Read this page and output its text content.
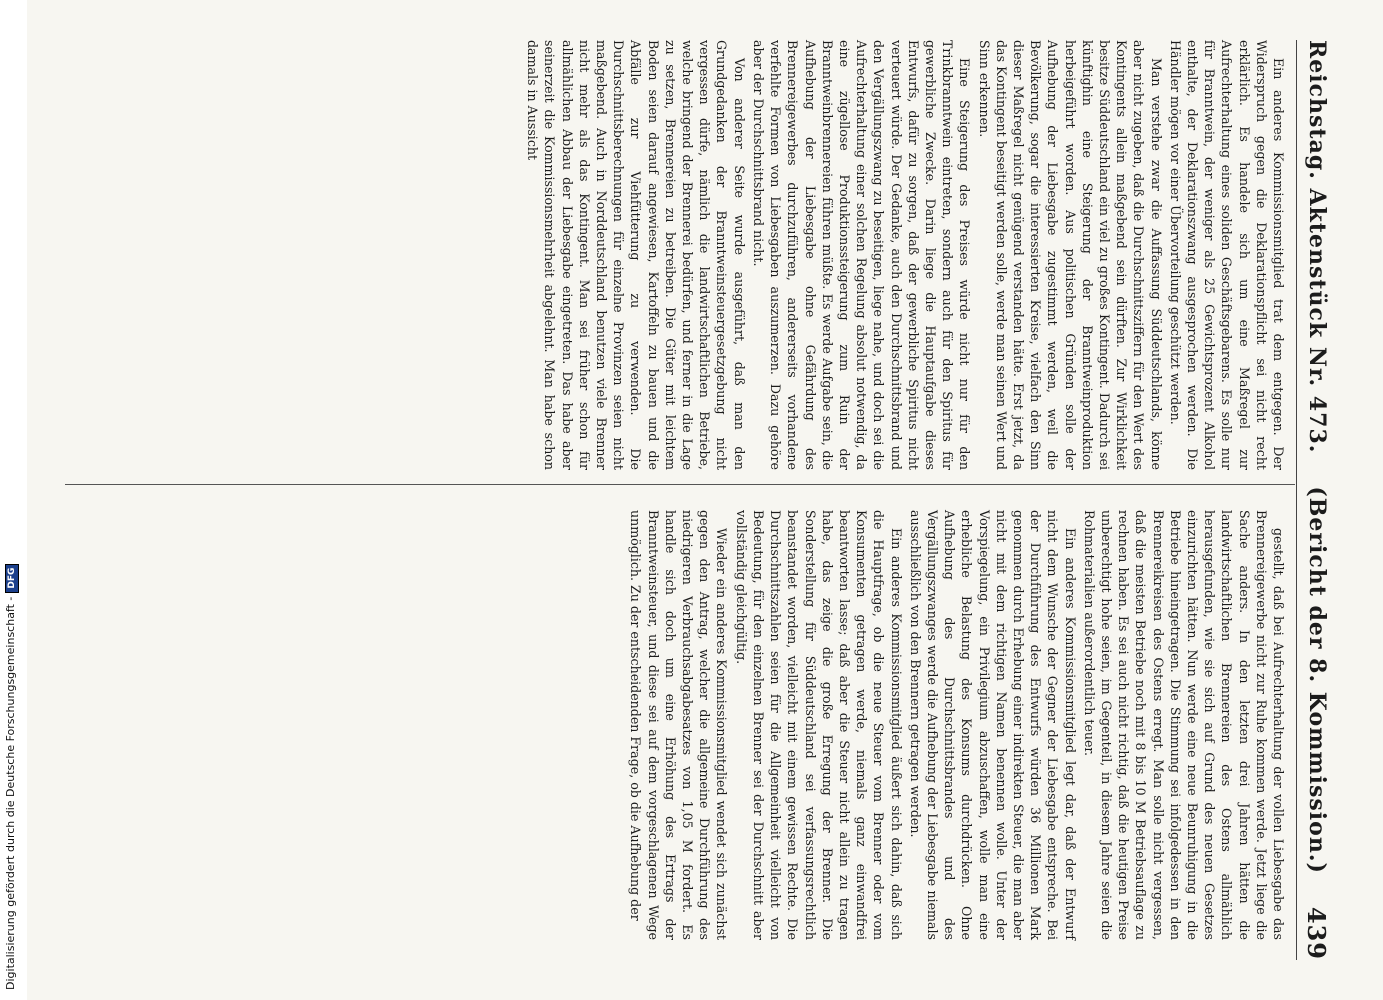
Digitalisierung gefördert durch die Deutsche Forschungsgemeinschaft -DFG
Reichstag. Aktenstück Nr. 473.
(Bericht der 8. Kommission.)
439

Ein anderes Kommissionsmitglied trat dem entgegen. Der Widerspruch gegen die Deklarationspflicht sei nicht recht erklärlich. Es handele sich um eine Maßregel zur Aufrechterhaltung eines soliden Geschäftsgebarens. Es solle nur für Branntwein, der weniger als 25 Gewichtsprozent Alkohol enthalte, der Deklarationszwang ausgesprochen werden. Die Händler mögen vor einer Übervorteilung geschützt werden.

Man verstehe zwar die Auffassung Süddeutschlands, könne aber nicht zugeben, daß die Durchschnittsziffern für den Wert des Kontingents allein maßgebend sein dürften. Zur Wirklichkeit besitze Süddeutschland ein viel zu großes Kontingent. Dadurch sei künftighin eine Steigerung der Branntweinproduktion herbeigeführt worden. Aus politischen Gründen solle der Aufhebung der Liebesgabe zugestimmt werden, weil die Bevölkerung, sogar die interessierten Kreise, vielfach den Sinn dieser Maßregel nicht genügend verstanden hätte. Erst jetzt, da das Kontingent beseitigt werden solle, werde man seinen Wert und Sinn erkennen.

Eine Steigerung des Preises würde nicht nur für den Trinkbranntwein eintreten, sondern auch für den Spiritus für gewerbliche Zwecke. Darin liege die Hauptaufgabe dieses Entwurfs, dafür zu sorgen, daß der gewerbliche Spiritus nicht verteuert würde. Der Gedanke, auch den Durchschnittsbrand und den Vergällungszwang zu beseitigen, liege nahe, und doch sei die Aufrechterhaltung einer solchen Regelung absolut notwendig, da eine zügellose Produktionssteigerung zum Ruin der Branntweinbrennereien führen müßte. Es werde Aufgabe sein, die Aufhebung der Liebesgabe ohne Gefährdung des Brennereigewerbes durchzuführen, andererseits vorhandene verfehlte Formen von Liebesgaben auszumerzen. Dazu gehöre aber der Durchschnittsbrand nicht.

Von anderer Seite wurde ausgeführt, daß man den Grundgedanken der Branntweinsteuergesetzgebung nicht vergessen dürfe, nämlich die landwirtschaftlichen Betriebe, welche bringend der Brennerei bedürfen, und ferner in die Lage zu setzen, Brennereien zu betreiben. Die Güter mit leichtem Boden seien darauf angewiesen, Kartoffeln zu bauen und die Abfälle zur Viehfütterung zu verwenden. Die Durchschnittsberechnungen für einzelne Provinzen seien nicht maßgebend. Auch in Norddeutschland benutzen viele Brenner nicht mehr als das Kontingent. Man sei früher schon für allmählichen Abbau der Liebesgabe eingetreten. Das habe aber seinerzeit die Kommissionsmehrheit abgelehnt. Man habe schon damals in Aussicht

gestellt, daß bei Aufrechterhaltung der vollen Liebesgabe das Brennereigewerbe nicht zur Ruhe kommen werde. Jetzt liege die Sache anders. In den letzten drei Jahren hätten die landwirtschaftlichen Brennereien des Ostens allmählich herausgefunden, wie sie sich auf Grund des neuen Gesetzes einzurichten hätten. Nun werde eine neue Beunruhigung in die Betriebe hineingetragen. Die Stimmung sei infolgedessen in den Brennereikreisen des Ostens erregt. Man solle nicht vergessen, daß die meisten Betriebe noch mit 8 bis 10 M Betriebsauflage zu rechnen haben. Es sei auch nicht richtig, daß die heutigen Preise unberechtigt hohe seien, im Gegenteil, in diesem Jahre seien die Rohmaterialien außerordentlich teuer.

Ein anderes Kommissionsmitglied legt dar, daß der Entwurf nicht dem Wunsche der Gegner der Liebesgabe entspreche. Bei der Durchführung des Entwurfs würden 36 Millionen Mark genommen durch Erhebung einer indirekten Steuer, die man aber nicht mit dem richtigen Namen benennen wolle. Unter der Vorspiegelung, ein Privilegium abzuschaffen, wolle man eine erhebliche Belastung des Konsums durchdrücken. Ohne Aufhebung des Durchschnittsbrandes und des Vergällungszwanges werde die Aufhebung der Liebesgabe niemals ausschließlich von den Brennern getragen werden.

Ein anderes Kommissionsmitglied äußert sich dahin, daß sich die Hauptfrage, ob die neue Steuer vom Brenner oder vom Konsumenten getragen werde, niemals ganz einwandfrei beantworten lasse; daß aber die Steuer nicht allein zu tragen habe, das zeige die große Erregung der Brenner. Die Sonderstellung für Süddeutschland sei verfassungsrechtlich beanstandet worden, vielleicht mit einem gewissen Rechte. Die Durchschnittszahlen seien für die Allgemeinheit vielleicht von Bedeutung, für den einzelnen Brenner sei der Durchschnitt aber vollständig gleichgültig.

Wieder ein anderes Kommissionsmitglied wendet sich zunächst gegen den Antrag, welcher die allgemeine Durchführung des niedrigeren Verbrauchsabgabesatzes von 1,05 M fordert. Es handle sich doch um eine Erhöhung des Ertrags der Branntweinsteuer, und diese sei auf dem vorgeschlagenen Wege unmöglich. Zu der entscheidenden Frage, ob die Aufhebung der
